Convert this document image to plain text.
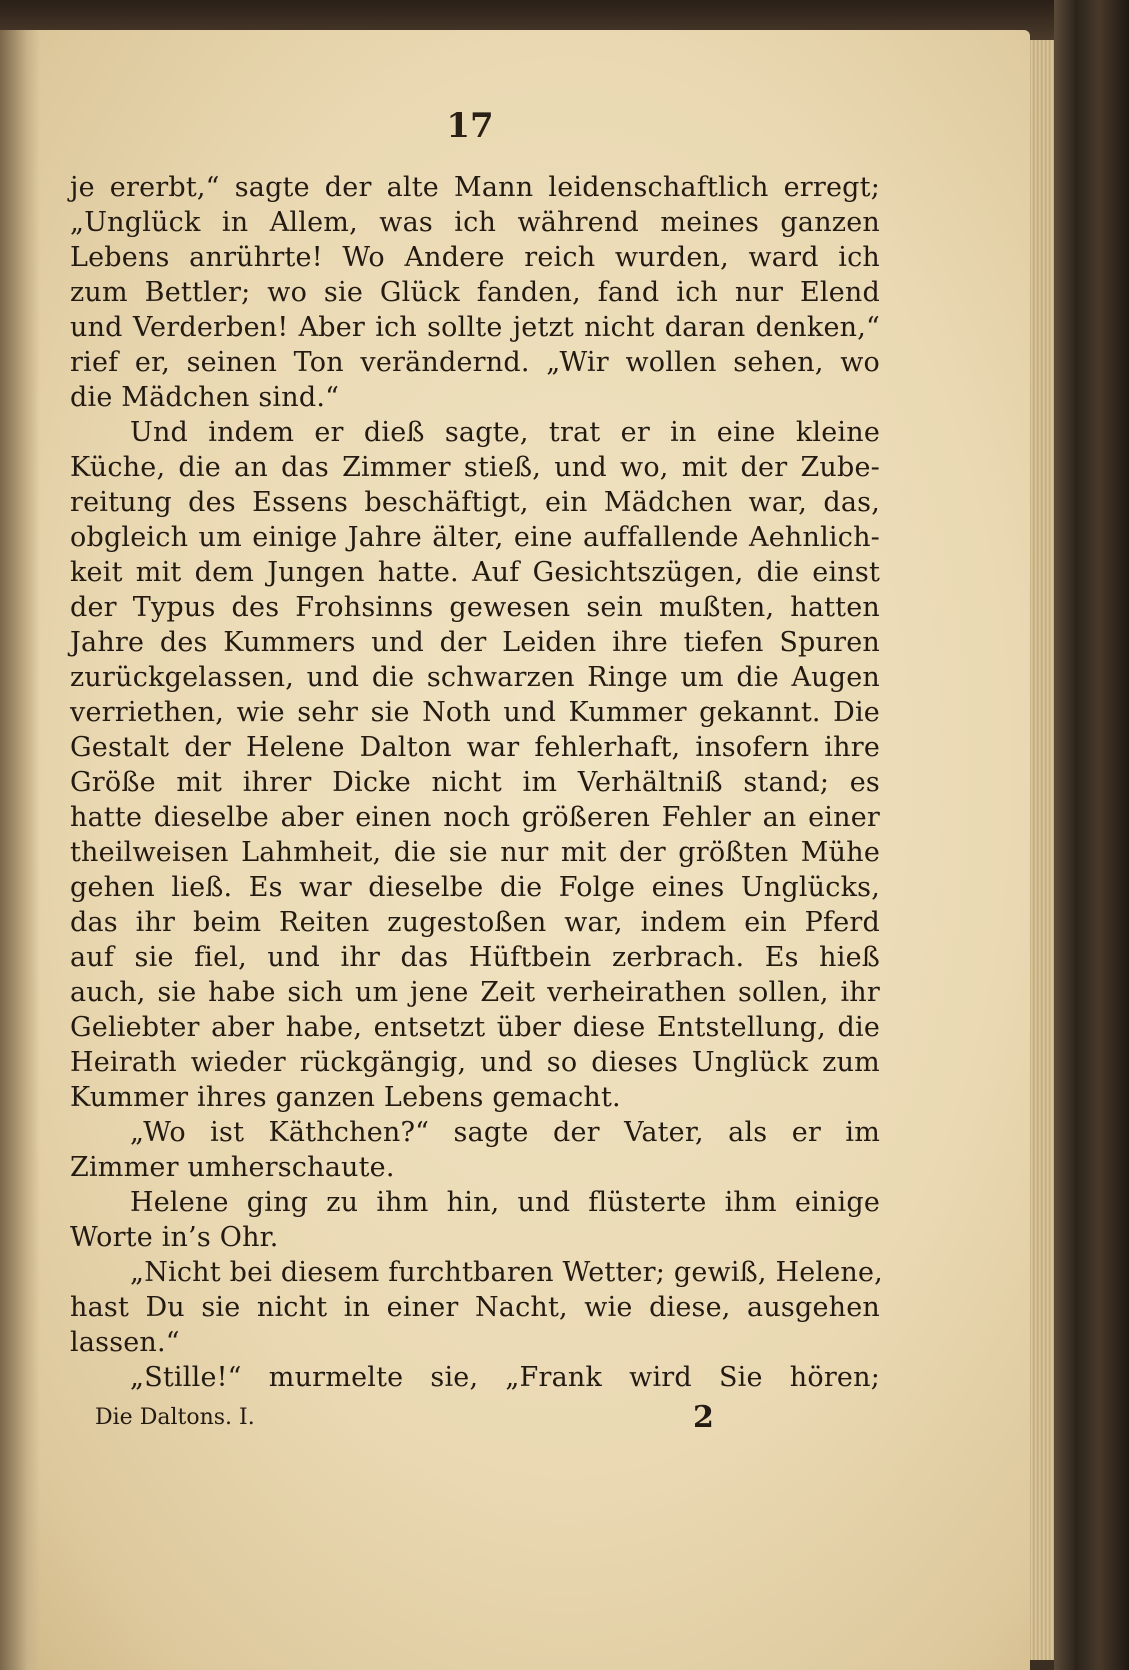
17
je ererbt,“ sagte der alte Mann leidenschaftlich erregt;
„Unglück in Allem, was ich während meines ganzen
Lebens anrührte! Wo Andere reich wurden, ward ich
zum Bettler; wo sie Glück fanden, fand ich nur Elend
und Verderben! Aber ich sollte jetzt nicht daran denken,“
rief er, seinen Ton verändernd. „Wir wollen sehen, wo
die Mädchen sind.“
Und indem er dieß sagte, trat er in eine kleine
Küche, die an das Zimmer stieß, und wo, mit der Zube-
reitung des Essens beschäftigt, ein Mädchen war, das,
obgleich um einige Jahre älter, eine auffallende Aehnlich-
keit mit dem Jungen hatte. Auf Gesichtszügen, die einst
der Typus des Frohsinns gewesen sein mußten, hatten
Jahre des Kummers und der Leiden ihre tiefen Spuren
zurückgelassen, und die schwarzen Ringe um die Augen
verriethen, wie sehr sie Noth und Kummer gekannt. Die
Gestalt der Helene Dalton war fehlerhaft, insofern ihre
Größe mit ihrer Dicke nicht im Verhältniß stand; es
hatte dieselbe aber einen noch größeren Fehler an einer
theilweisen Lahmheit, die sie nur mit der größten Mühe
gehen ließ. Es war dieselbe die Folge eines Unglücks,
das ihr beim Reiten zugestoßen war, indem ein Pferd
auf sie fiel, und ihr das Hüftbein zerbrach. Es hieß
auch, sie habe sich um jene Zeit verheirathen sollen, ihr
Geliebter aber habe, entsetzt über diese Entstellung, die
Heirath wieder rückgängig, und so dieses Unglück zum
Kummer ihres ganzen Lebens gemacht.
„Wo ist Käthchen?“ sagte der Vater, als er im
Zimmer umherschaute.
Helene ging zu ihm hin, und flüsterte ihm einige
Worte in’s Ohr.
„Nicht bei diesem furchtbaren Wetter; gewiß, Helene,
hast Du sie nicht in einer Nacht, wie diese, ausgehen
lassen.“
„Stille!“ murmelte sie, „Frank wird Sie hören;
Die Daltons. I.	2
